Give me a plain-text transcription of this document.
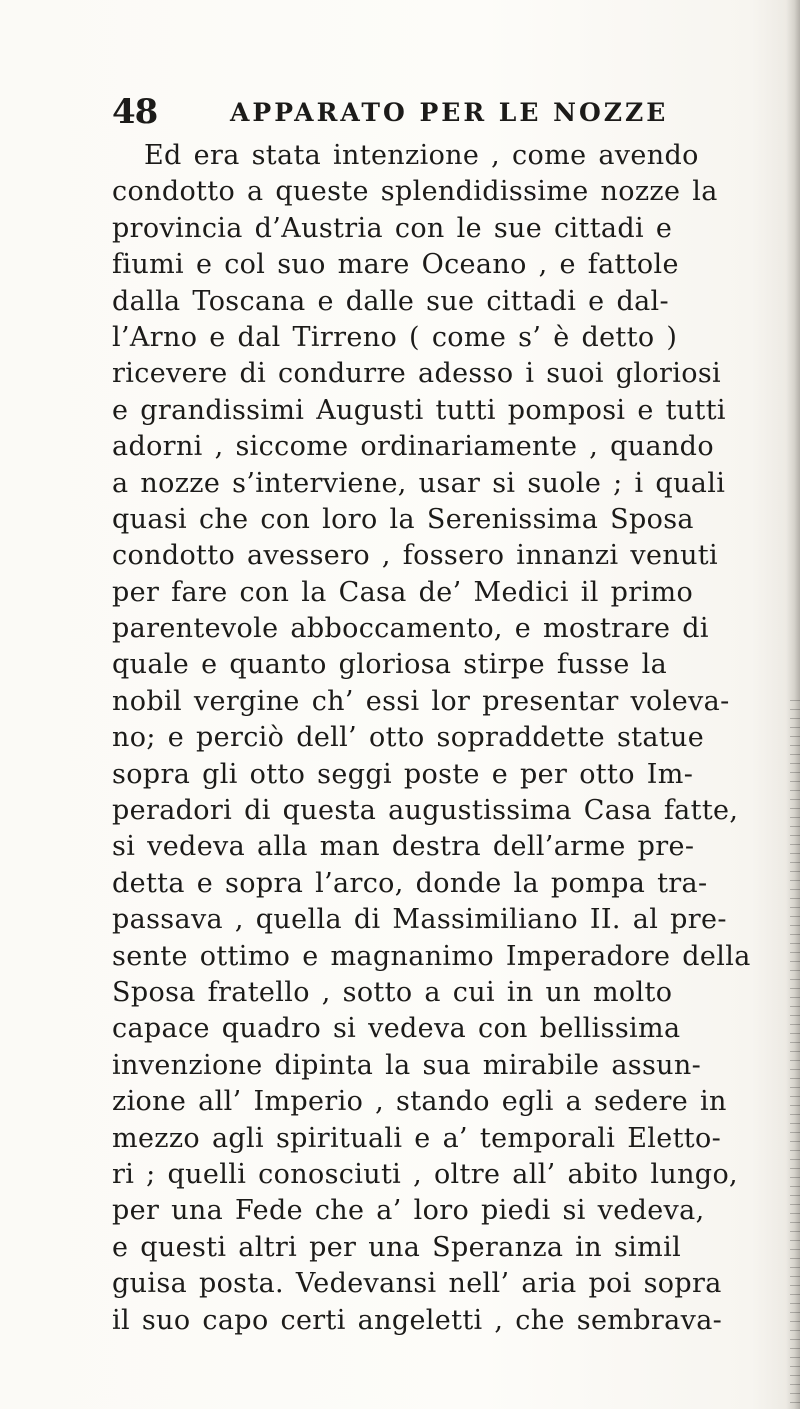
48	APPARATO PER LE NOZZE
Ed era stata intenzione , come avendo
condotto a queste splendidissime nozze la
provincia d’Austria con le sue cittadi e
fiumi e col suo mare Oceano , e fattole
dalla Toscana e dalle sue cittadi e dal-
l’Arno e dal Tirreno ( come s’ è detto )
ricevere di condurre adesso i suoi gloriosi
e grandissimi Augusti tutti pomposi e tutti
adorni , siccome ordinariamente , quando
a nozze s’interviene, usar si suole ; i quali
quasi che con loro la Serenissima Sposa
condotto avessero , fossero innanzi venuti
per fare con la Casa de’ Medici il primo
parentevole abboccamento, e mostrare di
quale e quanto gloriosa stirpe fusse la
nobil vergine ch’ essi lor presentar voleva-
no; e perciò dell’ otto sopraddette statue
sopra gli otto seggi poste e per otto Im-
peradori di questa augustissima Casa fatte,
si vedeva alla man destra dell’arme pre-
detta e sopra l’arco, donde la pompa tra-
passava , quella di Massimiliano II. al pre-
sente ottimo e magnanimo Imperadore della
Sposa fratello , sotto a cui in un molto
capace quadro si vedeva con bellissima
invenzione dipinta la sua mirabile assun-
zione all’ Imperio , stando egli a sedere in
mezzo agli spirituali e a’ temporali Eletto-
ri ; quelli conosciuti , oltre all’ abito lungo,
per una Fede che a’ loro piedi si vedeva,
e questi altri per una Speranza in simil
guisa posta. Vedevansi nell’ aria poi sopra
il suo capo certi angeletti , che sembrava-
